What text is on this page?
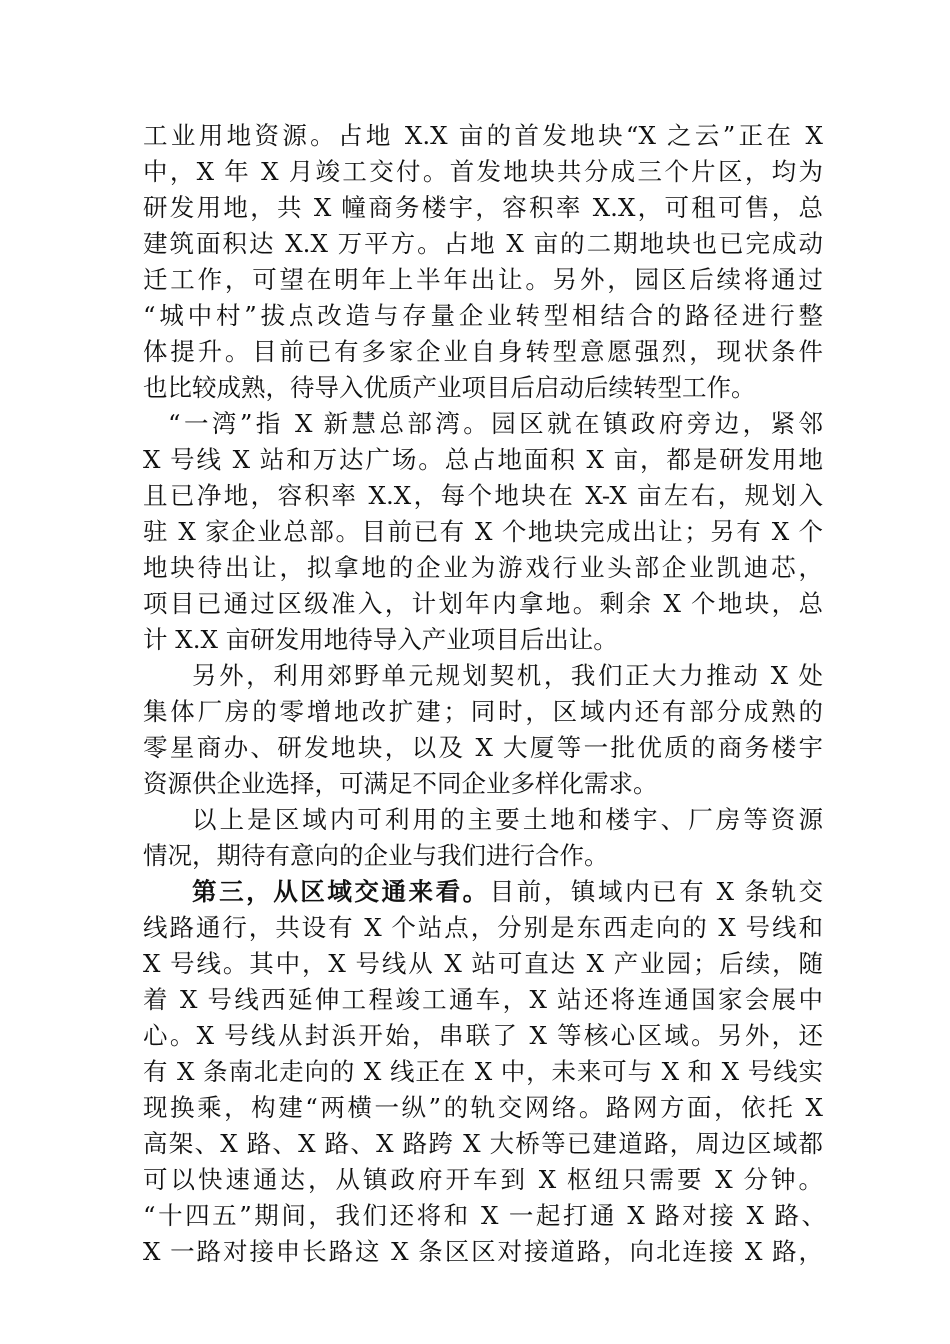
工业用地资源。占地 X.X 亩的首发地块“X 之云”正在 X
中，X 年 X 月竣工交付。首发地块共分成三个片区，均为
研发用地，共 X 幢商务楼宇，容积率 X.X，可租可售，总
建筑面积达 X.X 万平方。占地 X 亩的二期地块也已完成动
迁工作，可望在明年上半年出让。另外，园区后续将通过
“城中村”拔点改造与存量企业转型相结合的路径进行整
体提升。目前已有多家企业自身转型意愿强烈，现状条件
也比较成熟，待导入优质产业项目后启动后续转型工作。
“一湾”指 X 新慧总部湾。园区就在镇政府旁边，紧邻
X 号线 X 站和万达广场。总占地面积 X 亩，都是研发用地
且已净地，容积率 X.X，每个地块在 X-X 亩左右，规划入
驻 X 家企业总部。目前已有 X 个地块完成出让；另有 X 个
地块待出让，拟拿地的企业为游戏行业头部企业凯迪芯，
项目已通过区级准入，计划年内拿地。剩余 X 个地块，总
计 X.X 亩研发用地待导入产业项目后出让。
另外，利用郊野单元规划契机，我们正大力推动 X 处
集体厂房的零增地改扩建；同时，区域内还有部分成熟的
零星商办、研发地块，以及 X 大厦等一批优质的商务楼宇
资源供企业选择，可满足不同企业多样化需求。
以上是区域内可利用的主要土地和楼宇、厂房等资源
情况，期待有意向的企业与我们进行合作。
第三，从区域交通来看。目前，镇域内已有 X 条轨交
线路通行，共设有 X 个站点，分别是东西走向的 X 号线和
X 号线。其中，X 号线从 X 站可直达 X 产业园；后续，随
着 X 号线西延伸工程竣工通车，X 站还将连通国家会展中
心。X 号线从封浜开始，串联了 X 等核心区域。另外，还
有 X 条南北走向的 X 线正在 X 中，未来可与 X 和 X 号线实
现换乘，构建“两横一纵”的轨交网络。路网方面，依托 X
高架、X 路、X 路、X 路跨 X 大桥等已建道路，周边区域都
可以快速通达，从镇政府开车到 X 枢纽只需要 X 分钟。
“十四五”期间，我们还将和 X 一起打通 X 路对接 X 路、
X 一路对接申长路这 X 条区区对接道路，向北连接 X 路，
